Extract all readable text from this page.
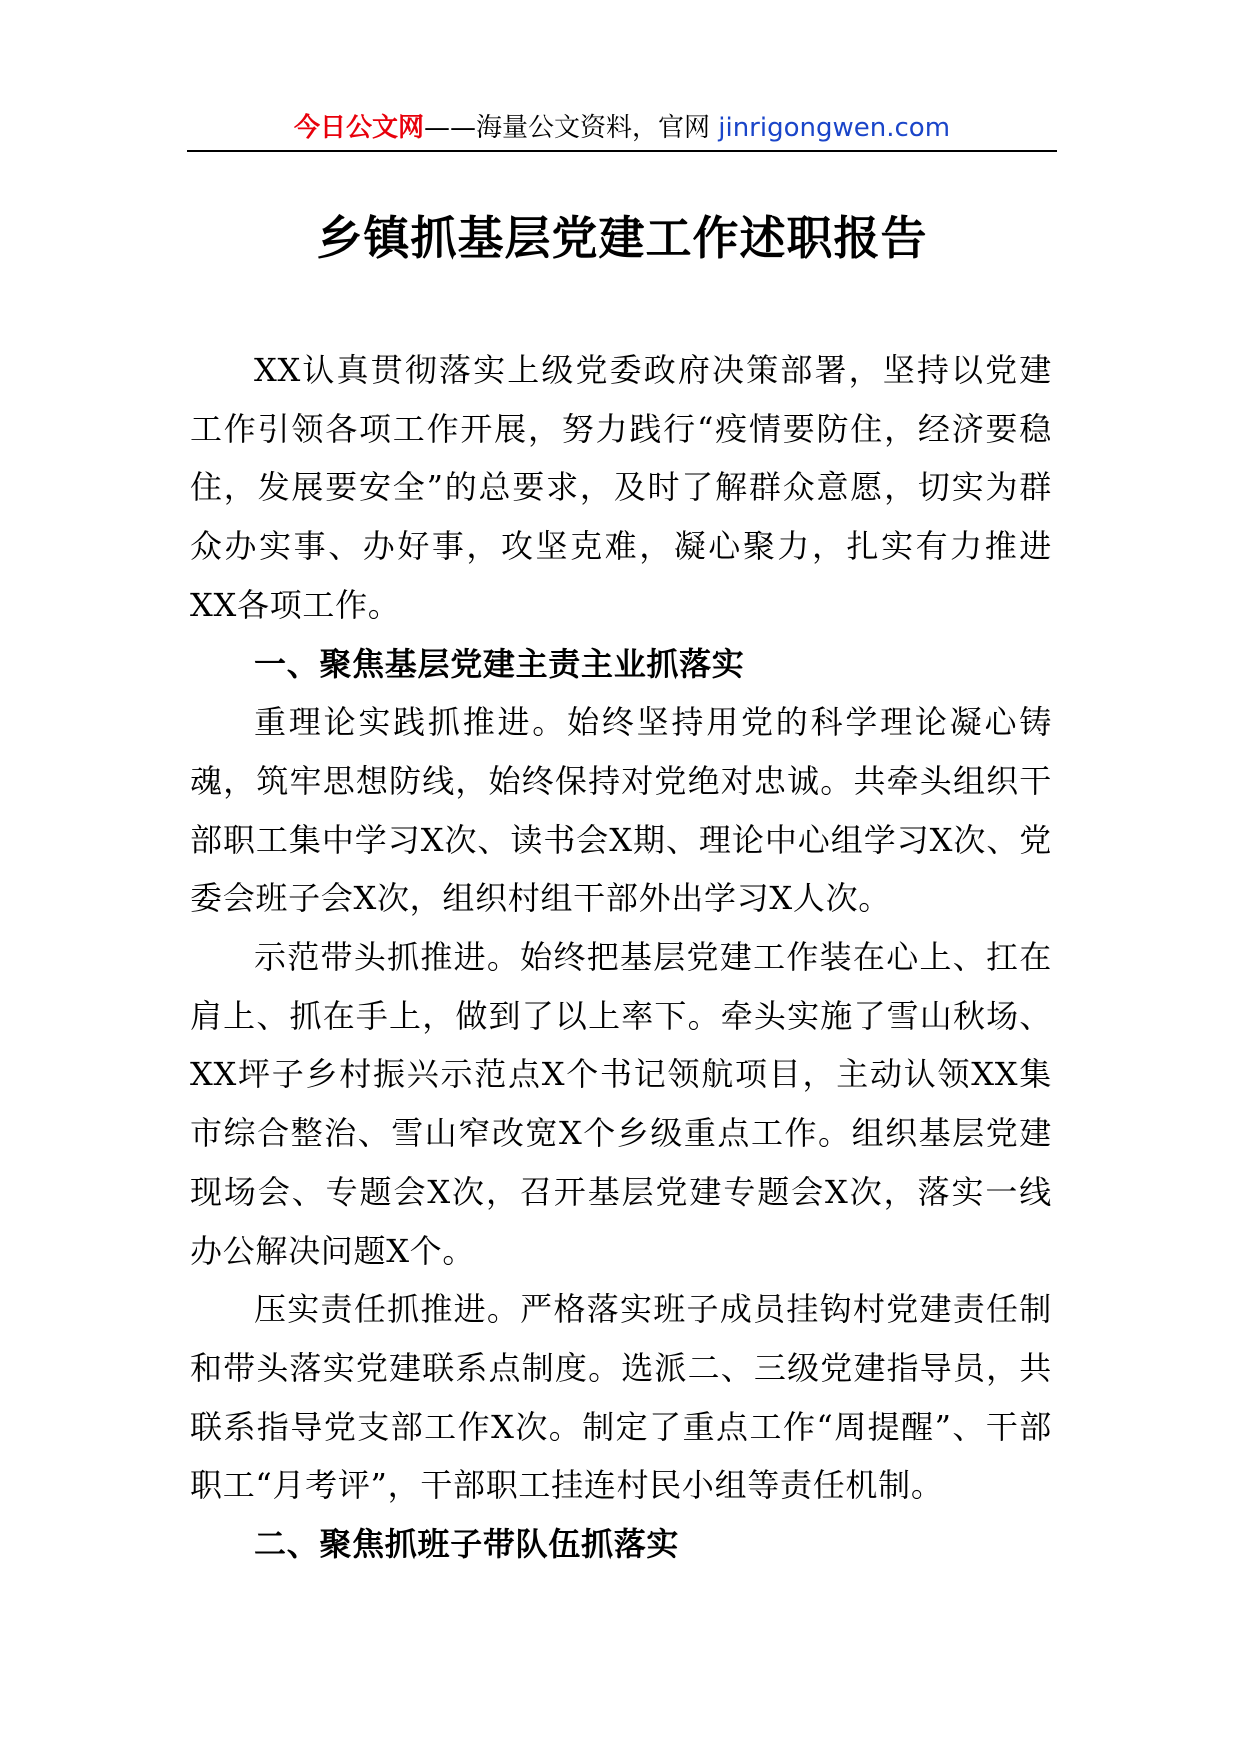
今日公文网——海量公文资料，官网 jinrigongwen.com
乡镇抓基层党建工作述职报告

XX认真贯彻落实上级党委政府决策部署，坚持以党建工作引领各项工作开展，努力践行“疫情要防住，经济要稳住，发展要安全”的总要求，及时了解群众意愿，切实为群众办实事、办好事，攻坚克难，凝心聚力，扎实有力推进XX各项工作。

一、聚焦基层党建主责主业抓落实

重理论实践抓推进。始终坚持用党的科学理论凝心铸魂，筑牢思想防线，始终保持对党绝对忠诚。共牵头组织干部职工集中学习X次、读书会X期、理论中心组学习X次、党委会班子会X次，组织村组干部外出学习X人次。

示范带头抓推进。始终把基层党建工作装在心上、扛在肩上、抓在手上，做到了以上率下。牵头实施了雪山秋场、XX坪子乡村振兴示范点X个书记领航项目，主动认领XX集市综合整治、雪山窄改宽X个乡级重点工作。组织基层党建现场会、专题会X次，召开基层党建专题会X次，落实一线办公解决问题X个。

压实责任抓推进。严格落实班子成员挂钩村党建责任制和带头落实党建联系点制度。选派二、三级党建指导员，共联系指导党支部工作X次。制定了重点工作“周提醒”、干部职工“月考评”，干部职工挂连村民小组等责任机制。

二、聚焦抓班子带队伍抓落实
